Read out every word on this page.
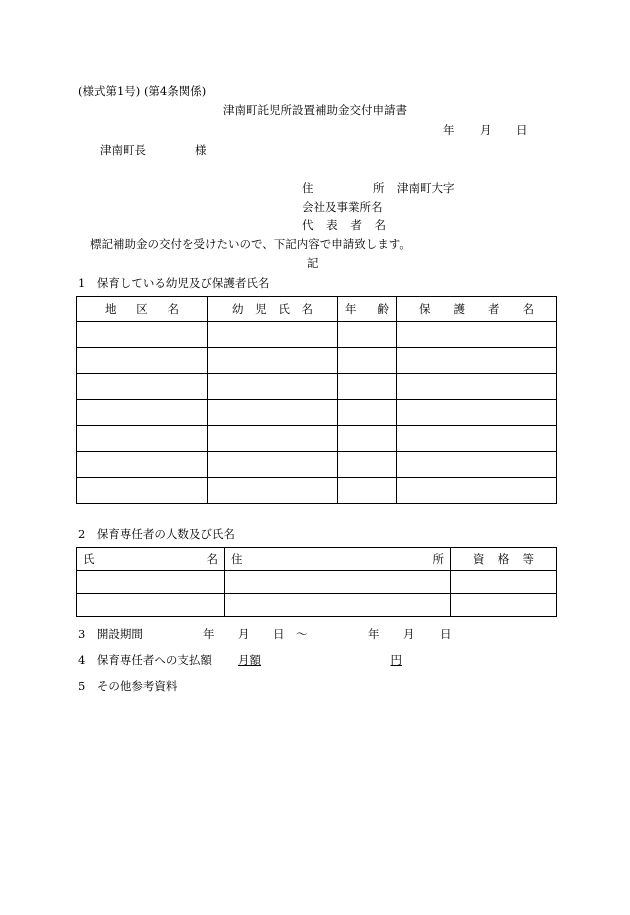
(様式第1号) (第4条関係)
津南町託児所設置補助金交付申請書
年 月 日
津南町長	様
住	所 津南町大字
会社及事業所名
代 表 者 名
標記補助金の交付を受けたいので、下記内容で申請致します。
記
1　保育している幼児及び保護者氏名
地 区 名	幼 児 氏 名	年 齢	保 護 者 名

2　保育専任者の人数及び氏名
氏 名	住 所	資 格 等

3　開設期間	年 月 日 ～	年 月 日
4　保育専任者への支払額 月額	円
5　その他参考資料
